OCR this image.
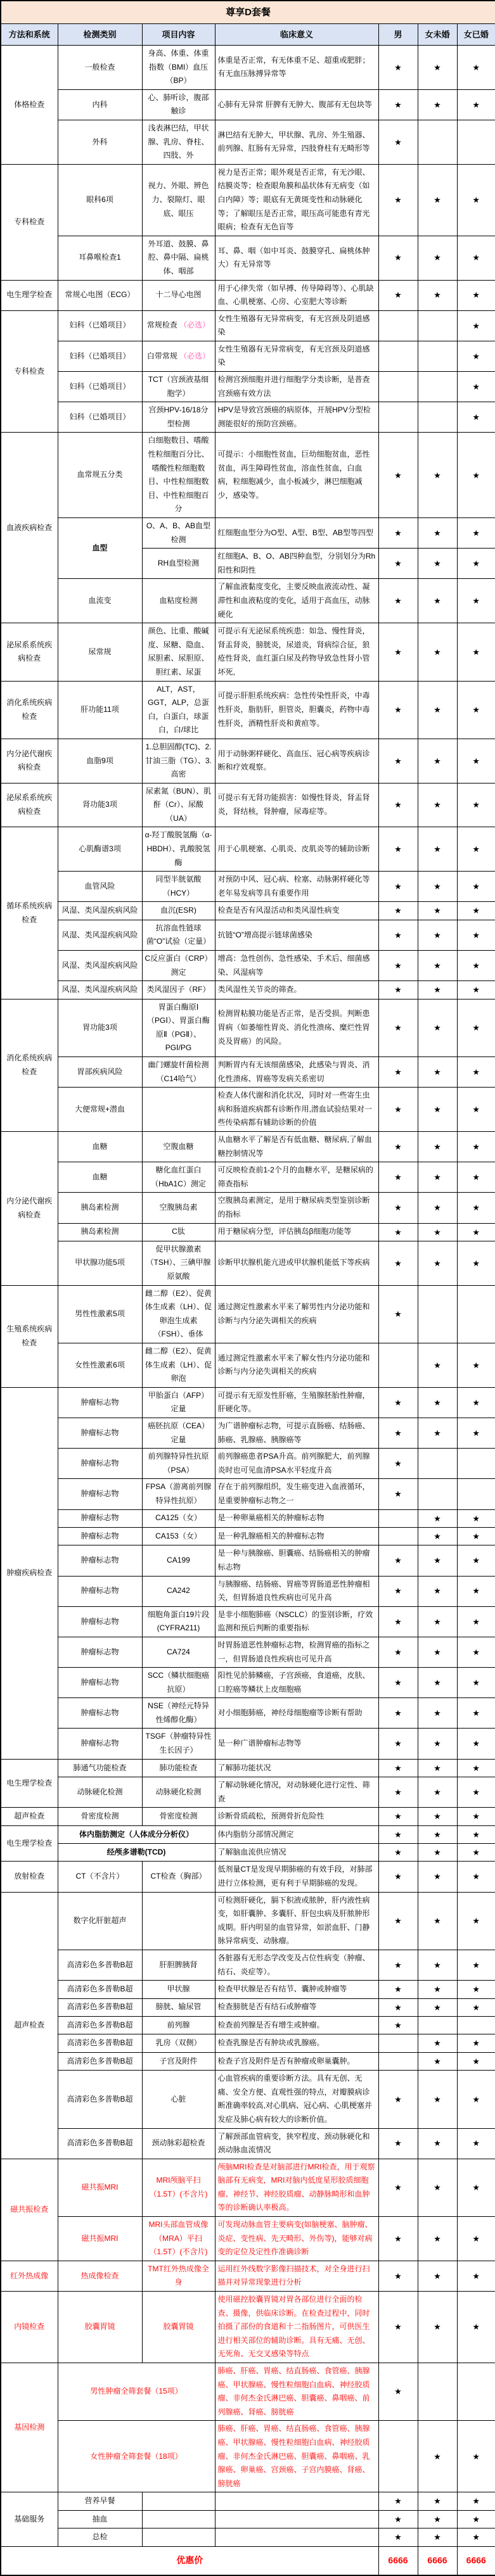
尊享D套餐						
方法和系统	检测类别	项目内容	临床意义	男	女未婚	女已婚
体格检查	一般检查	身高、体重、体重指数（BMI）血压（BP）	体重是否正常，有无体重不足、超重或肥胖；有无血压脉搏异常等	★	★	★
	内科	心、肺听诊，腹部触诊	心肺有无异常 肝脾有无肿大、腹部有无包块等	★	★	★
	外科	浅表淋巴结，甲状腺、乳房、脊柱、四肢、外	淋巴结有无肿大，甲状腺、乳房、外生殖器、前列腺、肛肠有无异常，四肢脊柱有无畸形等	★		
专科检查	眼科6项	视力、外眼、辨色力、裂隙灯、眼底、眼压	视力是否正常；眼外观是否正常，有无沙眼、结膜炎等；检查眼角膜和晶状体有无病变（如白内障）等；眼底有无黄斑变性和动脉硬化等；了解眼压是否正常，眼压高可能患有青光眼病；检查有无色盲等	★	★	★
	耳鼻喉检查1	外耳道、鼓膜、鼻腔、鼻中隔、扁桃体、咽部	耳、鼻、咽（如中耳炎、鼓膜穿孔、扁桃体肿大）有无异常等	★	★	★
电生理学检查	常规心电图（ECG）	十二导心电图	用于心律失常（如早搏、传导障碍等）、心肌缺血、心肌梗塞、心房、心室肥大等诊断	★	★	★
专科检查	妇科（已婚项目）	常规检查 （必选）	女性生殖器有无异常病变，有无宫颈及阴道感染			★
	妇科（已婚项目）	白带常规 （必选）	女性生殖器有无异常病变，有无宫颈及阴道感染			★
	妇科（已婚项目）	TCT（宫颈液基细胞学）	检测宫颈细胞并进行细胞学分类诊断，是普查宫颈癌有效方法			★
	妇科（已婚项目）	宫颈HPV-16/18分型检测	HPV是导致宫颈癌的病原体，开展HPV分型检测能很好的预防宫颈癌。			★
血液疾病检查	血常规五分类	白细胞数目、嗜酸性粒细胞百分比、嗜酸性粒细胞数目、中性粒细胞数目、中性粒细胞百分	可提示：小细胞性贫血，巨幼细胞贫血，恶性贫血，再生障碍性贫血，溶血性贫血，白血病，粒细胞减少，血小板减少，淋巴细胞减少，感染等。	★	★	★
	血型	O、A、B、AB血型检测	红细胞血型分为O型、A型、B型、AB型等四型	★	★	★
		RH血型检测	红细胞A、B、O、AB四种血型，分别划分为Rh阳性和阴性	★	★	★
	血流变	血粘度检测	了解血液黏度变化，主要反映血液流动性、凝滞性和血液粘度的变化，适用于高血压，动脉硬化	★	★	★
泌尿系系统疾病检查	尿常规	颜色、比重、酸碱度、尿糖、隐血、尿胆素、尿胆原、胆红素、尿蛋	可提示有无泌尿系统疾患：如急、慢性肾炎，肾盂肾炎，膀胱炎，尿道炎，肾病综合征，狼疮性肾炎，血红蛋白尿及药物导致急性肾小管坏死,	★	★	★
消化系统疾病检查	肝功能11项	ALT，AST，GGT，ALP，总蛋白，白蛋白，球蛋白，白/球比	可提示肝胆系统疾病：急性传染性肝炎，中毒性肝炎，脂肪肝，胆管炎，胆囊炎，药物中毒性肝炎，酒精性肝炎和黄疸等。	★	★	★
内分泌代谢疾病检查	血脂9项	1.总胆固醇(TC)、2.甘油三脂（TG）、3.高密	用于动脉粥样硬化、高血压、冠心病等疾病诊断和疗效观察。	★	★	★
泌尿系系统疾病检查	肾功能3项	尿素氮（BUN）、肌酐（Cr）、尿酸（UA）	可提示有无肾功能损害：如慢性肾炎，肾盂肾炎，肾结核，肾肿瘤，尿毒症等。	★	★	★
循环系统疾病检查	心肌酶谱3项	α-羟丁酸脱氢酶（α-HBDH）、乳酸脱氢酶	用于心肌梗塞、心肌炎、皮肌炎等的辅助诊断	★	★	★
	血管风险	同型半胱氨酸（HCY）	对预防中风、冠心病、栓塞、动脉粥样硬化等老年易发病等具有重要作用	★	★	★
	风湿、类风湿疾病风险	血沉(ESR)	检查是否有风湿活动和类风湿性病变	★	★	★
	风湿、类风湿疾病风险	抗溶血性链球菌“O”试验（定量）	抗链“O”增高提示链球菌感染	★	★	★
	风湿、类风湿疾病风险	C反应蛋白（CRP）测定	增高：急性创伤、急性感染、手术后、细菌感染、风湿病等	★	★	★
	风湿、类风湿疾病风险	类风湿因子（RF）	类风湿性关节炎的筛查。	★	★	★
消化系统疾病检查	胃功能3项	胃蛋白酶原Ⅰ（PGⅠ）、胃蛋白酶原Ⅱ（PGⅡ）、PGⅠ/PG	检测胃粘膜功能是否正常，是否受损。判断患胃病（如萎缩性胃炎、消化性溃疡、糜烂性胃炎及胃癌）的风险。	★	★	★
	胃部疾病风险	幽门螺旋杆菌检测（C14哈气）	判断胃内有无该细菌感染，此感染与胃炎、消化性溃疡、胃癌等发病关系密切	★	★	★
	大便常规+潜血		检查人体代谢和消化状况，同时对一些寄生虫病和肠道疾病都有诊断作用,潜血试验结果对一些传染病都有辅助诊断的价值	★	★	★
内分泌代谢疾病检查	血糖	空腹血糖	从血糖水平了解是否有低血糖、糖尿病,了解血糖控制情况等	★	★	★
	血糖	糖化血红蛋白（HbA1C）测定	可反映检查前1-2个月的血糖水平，是糖尿病的筛查指标	★	★	★
	胰岛素检测	空腹胰岛素	空腹胰岛素测定，是用于糖尿病类型鉴别诊断的指标	★	★	★
	胰岛素检测	C肽	用于糖尿病分型，评估胰岛β细胞功能等	★	★	★
	甲状腺功能5项	促甲状腺激素（TSH）、三碘甲腺原氨酸	诊断甲状腺机能亢进或甲状腺机能低下等疾病	★	★	★
生殖系统疾病检查	男性性激素5项	雌二醇（E2）、促黄体生成素（LH）、促卵泡生成素（FSH）、垂体	通过测定性激素水平来了解男性内分泌功能和诊断与内分泌失调相关的疾病	★		
	女性性激素6项	雌二醇（E2）、促黄体生成素（LH）、促卵泡	通过测定性激素水平来了解女性内分泌功能和诊断与内分泌失调相关的疾病		★	★
肿瘤疾病检查	肿瘤标志物	甲胎蛋白（AFP）定量	可提示有无原发性肝癌，生殖腺胚胎性肿瘤，肝硬化等。	★	★	★
	肿瘤标志物	癌胚抗原（CEA）定量	为广谱肿瘤标志物，可提示直肠癌、结肠癌、肺癌、乳腺癌、胰腺癌等	★	★	★
	肿瘤标志物	前列腺特异性抗原（PSA）	前列腺癌患者PSA升高。前列腺肥大，前列腺炎时也可见血清PSA水平轻度升高	★		
	肿瘤标志物	FPSA（游离前列腺特异性抗原）	存在于前列腺组织，发生癌变进入血液循环，是重要肿瘤标志物之一	★		
	肿瘤标志物	CA125（女）	是一种卵巢癌相关的肿瘤标志物		★	★
	肿瘤标志物	CA153（女）	是一种乳腺癌相关的肿瘤标志物		★	★
	肿瘤标志物	CA199	是一种与胰腺癌、胆囊癌、结肠癌相关的肿瘤标志物	★	★	★
	肿瘤标志物	CA242	与胰腺癌、结肠癌、胃癌等胃肠道恶性肿瘤相关，但胃肠道良性疾病也可见升高	★	★	★
	肿瘤标志物	细胞角蛋白19片段(CYFRA211)	是非小细胞肺癌（NSCLC）的鉴别诊断，疗效监测和预后判断的重要指标	★	★	★
	肿瘤标志物	CA724	时胃肠道恶性肿瘤标志物，检测胃癌的指标之一，但胃肠道良性疾病也可见升高	★	★	★
	肿瘤标志物	SCC（鳞状细胞癌抗原）	阳性见於肺鳞癌，子宫颈癌，食道癌，皮肤、口腔癌等鳞状上皮细胞癌	★	★	★
	肿瘤标志物	NSE（神经元特异性烯醇化酶）	对小细胞肺癌，神经母细胞瘤等诊断有帮助	★	★	★
	肿瘤标志物	TSGF（肿瘤特异性生长因子）	是一种广谱肿瘤标志物等	★	★	★
电生理学检查	肺通气功能检查	肺功能检查	了解肺功能状况	★	★	★
	动脉硬化检测	动脉硬化检测	了解动脉硬化情况，对动脉硬化进行定性、筛查	★	★	★
超声检查	骨密度检测	骨密度检测	诊断骨质疏松，预测骨折危险性	★	★	★
电生理学检查	体内脂肪测定（人体成分分析仪）		体内脂肪分部情况测定	★	★	★
	经颅多谱勒(TCD)		了解脑血流供应情况	★	★	★
放射检查	CT（不含片）	CT检查（胸部）	低剂量CT是发现早期肺癌的有效手段，对肺部进行立体检测，更有利于早期肺癌的发现。	★	★	★
超声检查	数字化肝脏超声		可检测肝硬化，膈下积液或脓肿，肝内液性病变，如肝囊肿、多囊肝、肝包虫病及肝脓肿形成期。肝内明显的血管异常，如淤血肝、门静脉异常病变、动脉瘤。	★	★	★
	高清彩色多普勒B超	肝胆脾胰肾	各脏器有无形态学改变及占位性病变（肿瘤、结石、炎症等）。	★	★	★
	高清彩色多普勒B超	甲状腺	检查甲状腺是否有结节、囊肿或肿瘤等	★	★	★
	高清彩色多普勒B超	膀胱、输尿管	检查膀胱是否有结石或肿瘤等	★	★	★
	高清彩色多普勒B超	前列腺	检查前列腺是否有增生或肿瘤。	★		
	高清彩色多普勒B超	乳房（双侧）	检查乳腺是否有肿块或乳腺癌。		★	★
	高清彩色多普勒B超	子宫及附件	检查子宫及附件是否有肿瘤或卵巢囊肿。		★	★
	高清彩色多普勒B超	心脏	心血管疾病的重要诊断方法。具有无创、无痛、安全方便、直观性强的特点，对瓣膜病诊断准确率较高,对心肌病、冠心病、心肌梗塞并发症及肺心病有较大的诊断价值。	★	★	★
	高清彩色多普勒B超	颈动脉彩超检查	了解颈部血管病变，狭窄程度、颈动脉硬化和颈动脉血流情况	★	★	★
磁共振检查	磁共振MRI	MRI颅脑平扫（1.5T）(不含片)	颅脑MRI检查是对脑部进行MRI检查，用于观察脑部有无病变，MRI对脑内低度星形胶质细胞瘤、神经节、神经胶质瘤、动静脉畸形和血肿等的诊断确认率极高。	★	★	★
	磁共振MRI	MRI头部血管成像（MRA）平扫（1.5T）(不含片)	可发现动脉血管主要病变(如脑梗塞、脑肿瘤、炎症、变性病、先天畸形、外伤等)，能够对病变的定位及定性作准确诊断	★	★	★
红外热成像	热成像检查	TMT红外热成像全身	运用红外线数字影像扫描技术，对全身进行扫描并对异常现象进行分析	★	★	★
内镜检查	胶囊胃镜	胶囊胃镜	使用磁控胶囊胃镜对胃各部位进行全面的检查、摄像，供临床诊断。在检查过程中，同时拍摄了部份的食道和十二指肠图片，可供医生进行相关部位的辅助诊断。具有无痛、无创、无死角、无交叉感染等特点	★	★	★
基因检测	男性肿瘤全筛套餐（15项）		肺癌、肝癌、胃癌、结直肠癌、食管癌、胰腺癌、甲状腺癌、慢性粒细胞白血病、神经胶质瘤、非何杰金氏淋巴癌、胆囊癌、鼻咽癌、前列腺癌、肾癌、膀胱癌	★		
	女性肿瘤全筛套餐（18项）		肺癌、肝癌、胃癌、结直肠癌、食管癌、胰腺癌、甲状腺癌、慢性粒细胞白血病、神经胶质瘤、非何杰金氏淋巴癌、胆囊癌、鼻咽癌、乳腺癌、卵巢癌、宫颈癌、子宫内膜癌、肾癌、膀胱癌		★	★
基础服务	营养早餐			★	★	★
	抽血			★	★	★
	总检			★	★	★
优惠价				6666	6666	6666
